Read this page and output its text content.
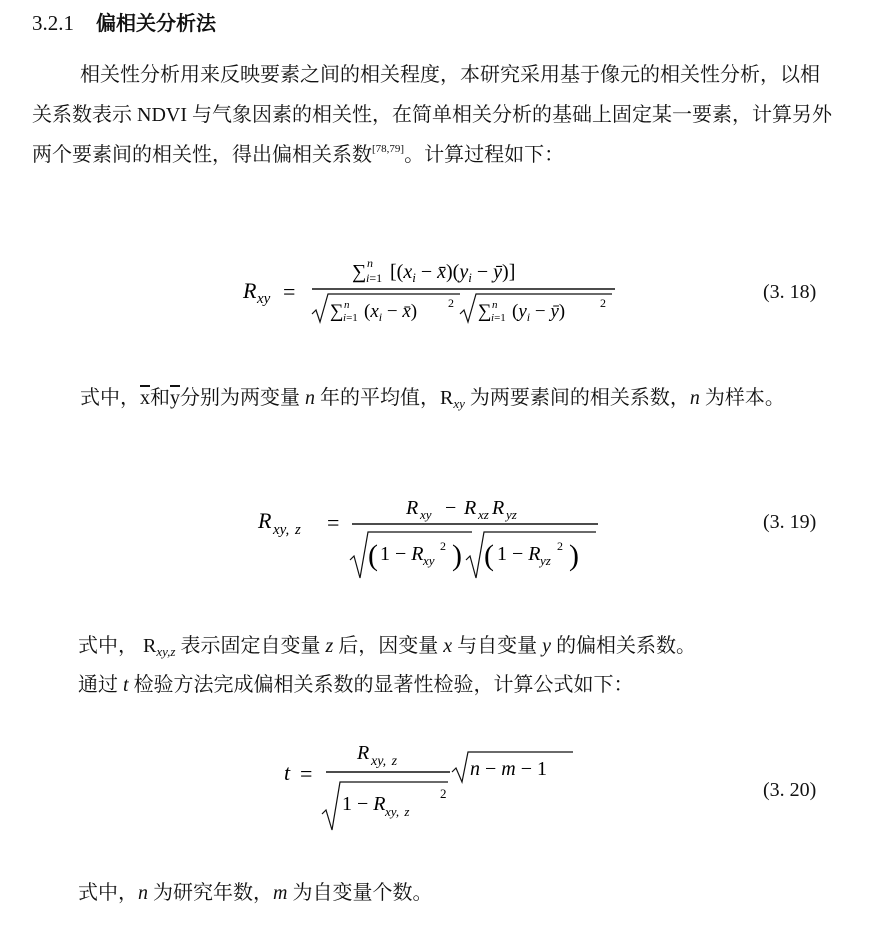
3.2.1 偏相关分析法
相关性分析用来反映要素之间的相关程度，本研究采用基于像元的相关性分析，以相关系数表示 NDVI 与气象因素的相关性，在简单相关分析的基础上固定某一要素，计算另外两个要素间的相关性，得出偏相关系数[78,79]。计算过程如下：
R xy =
∑ n
i=1 [($x_i$ − $x̄)(y_i$ − ȳ)]
∑ n
i=1 ($x_i$ − x̄)	2 ∑ n
i=1 ($y_i$ − ȳ)	2	(3. 18)
式中，$\overline{x}$和$\overline{y}$分别为两变量 n 年的平均值，$R_{xy}$ 为两要素间的相关系数，n 为样本。
R xy, z =
R xy − R xz R yz
( 1 − R xy
2 ) ( 1 − R yz
2 )
(3. 19)
式中， $R_{xy,z}$ 表示固定自变量 z 后，因变量 x 与自变量 y 的偏相关系数。
通过 t 检验方法完成偏相关系数的显著性检验，计算公式如下：
t =
R xy, z
1 − R xy, z
2
n − m − 1
(3. 20)
式中，n 为研究年数，m 为自变量个数。
